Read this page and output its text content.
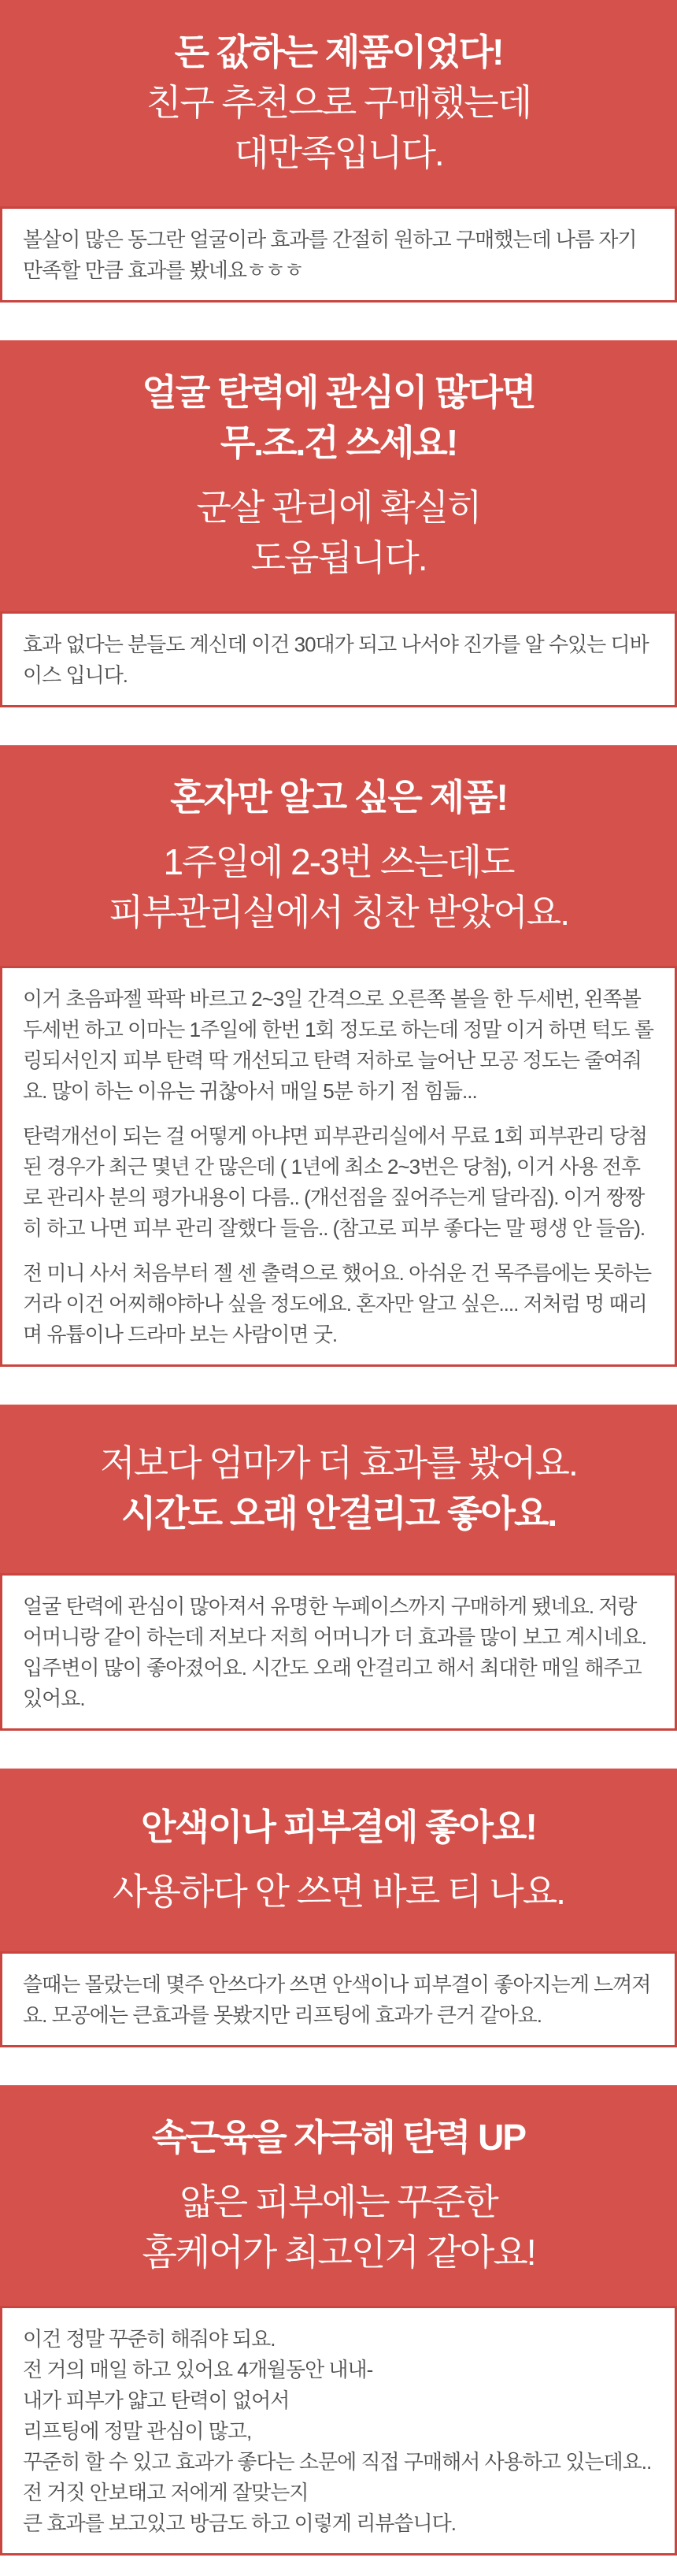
돈 값하는 제품이었다!
친구 추천으로 구매했는데
대만족입니다.

볼살이 많은 동그란 얼굴이라 효과를 간절히 원하고 구매했는데 나름 자기만족할 만큼 효과를 봤네요ㅎㅎㅎ

얼굴 탄력에 관심이 많다면
무.조.건 쓰세요!
군살 관리에 확실히
도움됩니다.

효과 없다는 분들도 계신데 이건 30대가 되고 나서야 진가를 알 수있는 디바이스 입니다.

혼자만 알고 싶은 제품!
1주일에 2-3번 쓰는데도
피부관리실에서 칭찬 받았어요.

이거 초음파젤 팍팍 바르고 2~3일 간격으로 오른쪽 볼을 한 두세번, 왼쪽볼 두세번 하고 이마는 1주일에 한번 1회 정도로 하는데 정말 이거 하면 턱도 롤링되서인지 피부 탄력 딱 개선되고 탄력 저하로 늘어난 모공 정도는 줄여줘요. 많이 하는 이유는 귀찮아서 매일 5분 하기 점 힘듦...

탄력개선이 되는 걸 어떻게 아냐면 피부관리실에서 무료 1회 피부관리 당첨된 경우가 최근 몇년 간 많은데 ( 1년에 최소 2~3번은 당첨), 이거 사용 전후로 관리사 분의 평가내용이 다름.. (개선점을 짚어주는게 달라짐). 이거 짱짱히 하고 나면 피부 관리 잘했다 들음.. (참고로 피부 좋다는 말 평생 안 들음).

전 미니 사서 처음부터 젤 센 출력으로 했어요. 아쉬운 건 목주름에는 못하는 거라 이건 어찌해야하나 싶을 정도에요. 혼자만 알고 싶은.... 저처럼 멍 때리며 유튭이나 드라마 보는 사람이면 굿.

저보다 엄마가 더 효과를 봤어요.
시간도 오래 안걸리고 좋아요.

얼굴 탄력에 관심이 많아져서 유명한 누페이스까지 구매하게 됐네요. 저랑 어머니랑 같이 하는데 저보다 저희 어머니가 더 효과를 많이 보고 계시네요. 입주변이 많이 좋아졌어요. 시간도 오래 안걸리고 해서 최대한 매일 해주고 있어요.

안색이나 피부결에 좋아요!
사용하다 안 쓰면 바로 티 나요.

쓸때는 몰랐는데 몇주 안쓰다가 쓰면 안색이나 피부결이 좋아지는게 느껴져요. 모공에는 큰효과를 못봤지만 리프팅에 효과가 큰거 같아요.

속근육을 자극해 탄력 UP
얇은 피부에는 꾸준한
홈케어가 최고인거 같아요!
이건 정말 꾸준히 해줘야 되요.
전 거의 매일 하고 있어요 4개월동안 내내-
내가 피부가 얇고 탄력이 없어서
리프팅에 정말 관심이 많고,
꾸준히 할 수 있고 효과가 좋다는 소문에 직접 구매해서 사용하고 있는데요..
전 거짓 안보태고 저에게 잘맞는지
큰 효과를 보고있고 방금도 하고 이렇게 리뷰씁니다.
